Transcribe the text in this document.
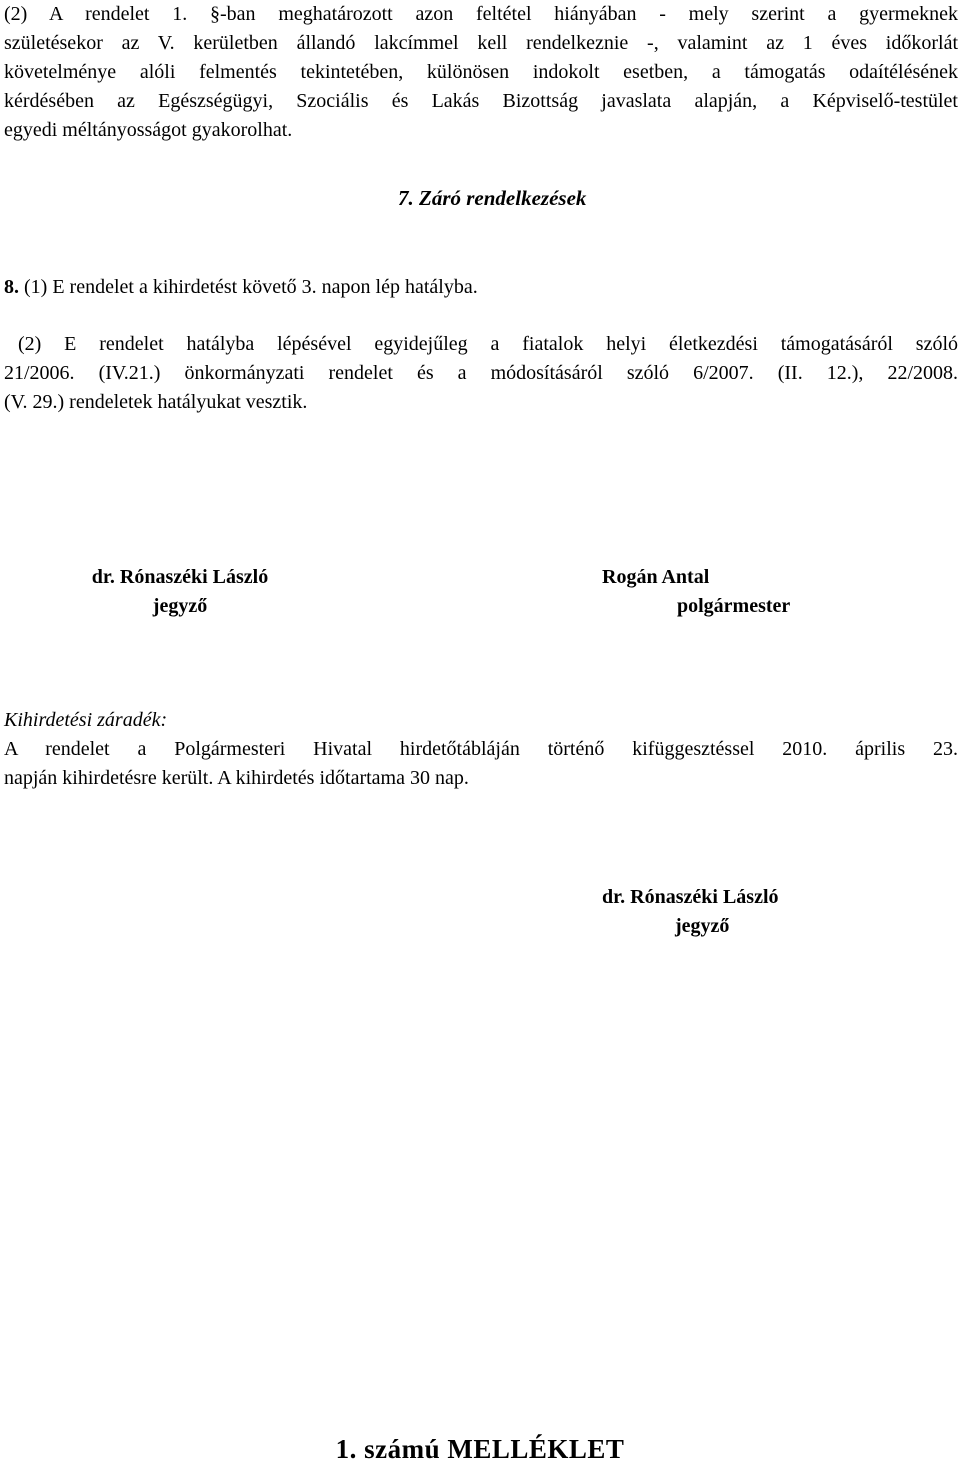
(2) A rendelet 1. §-ban meghatározott azon feltétel hiányában - mely szerint a gyermeknek
születésekor az V. kerületben állandó lakcímmel kell rendelkeznie -, valamint az 1 éves időkorlát
követelménye alóli felmentés tekintetében, különösen indokolt esetben, a támogatás odaítélésének
kérdésében az Egészségügyi, Szociális és Lakás Bizottság javaslata alapján, a Képviselő-testület
egyedi méltányosságot gyakorolhat.

7. Záró rendelkezések

8. (1) E rendelet a kihirdetést követő 3. napon lép hatályba.

(2) E rendelet hatályba lépésével egyidejűleg a fiatalok helyi életkezdési támogatásáról szóló
21/2006. (IV.21.) önkormányzati rendelet és a módosításáról szóló 6/2007. (II. 12.), 22/2008.
(V. 29.) rendeletek hatályukat vesztik.

dr. Rónaszéki László
jegyző
Rogán Antal
polgármester
Kihirdetési záradék:

A rendelet a Polgármesteri Hivatal hirdetőtábláján történő kifüggesztéssel 2010. április 23.
napján kihirdetésre került. A kihirdetés időtartama 30 nap.

dr. Rónaszéki László
jegyző
1. számú MELLÉKLET
